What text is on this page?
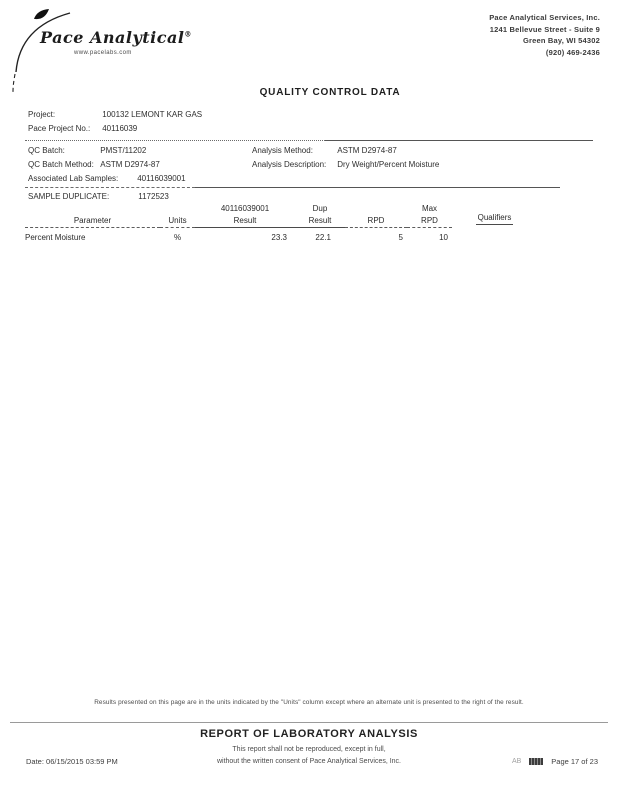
Pace Analytical®
www.pacelabs.com
Pace Analytical Services, Inc.
1241 Bellevue Street - Suite 9
Green Bay, WI 54302
(920) 469-2436
QUALITY CONTROL DATA
Project:	100132 LEMONT KAR GAS
Pace Project No.: 40116039
QC Batch:	PMST/11202
QC Batch Method: ASTM D2974-87
Associated Lab Samples: 40116039001
Analysis Method:	ASTM D2974-87
Analysis Description: Dry Weight/Percent Moisture
SAMPLE DUPLICATE:	1172523
		40116039001	Dup		Max	
Parameter	Units	Result	Result	RPD	RPD	Qualifiers
Percent Moisture	%	23.3	22.1	5	10	
Results presented on this page are in the units indicated by the "Units" column except where an alternate unit is presented to the right of the result.
REPORT OF LABORATORY ANALYSIS
This report shall not be reproduced, except in full,
without the written consent of Pace Analytical Services, Inc.
Date: 06/15/2015 03:59 PM	AB	Page 17 of 23
